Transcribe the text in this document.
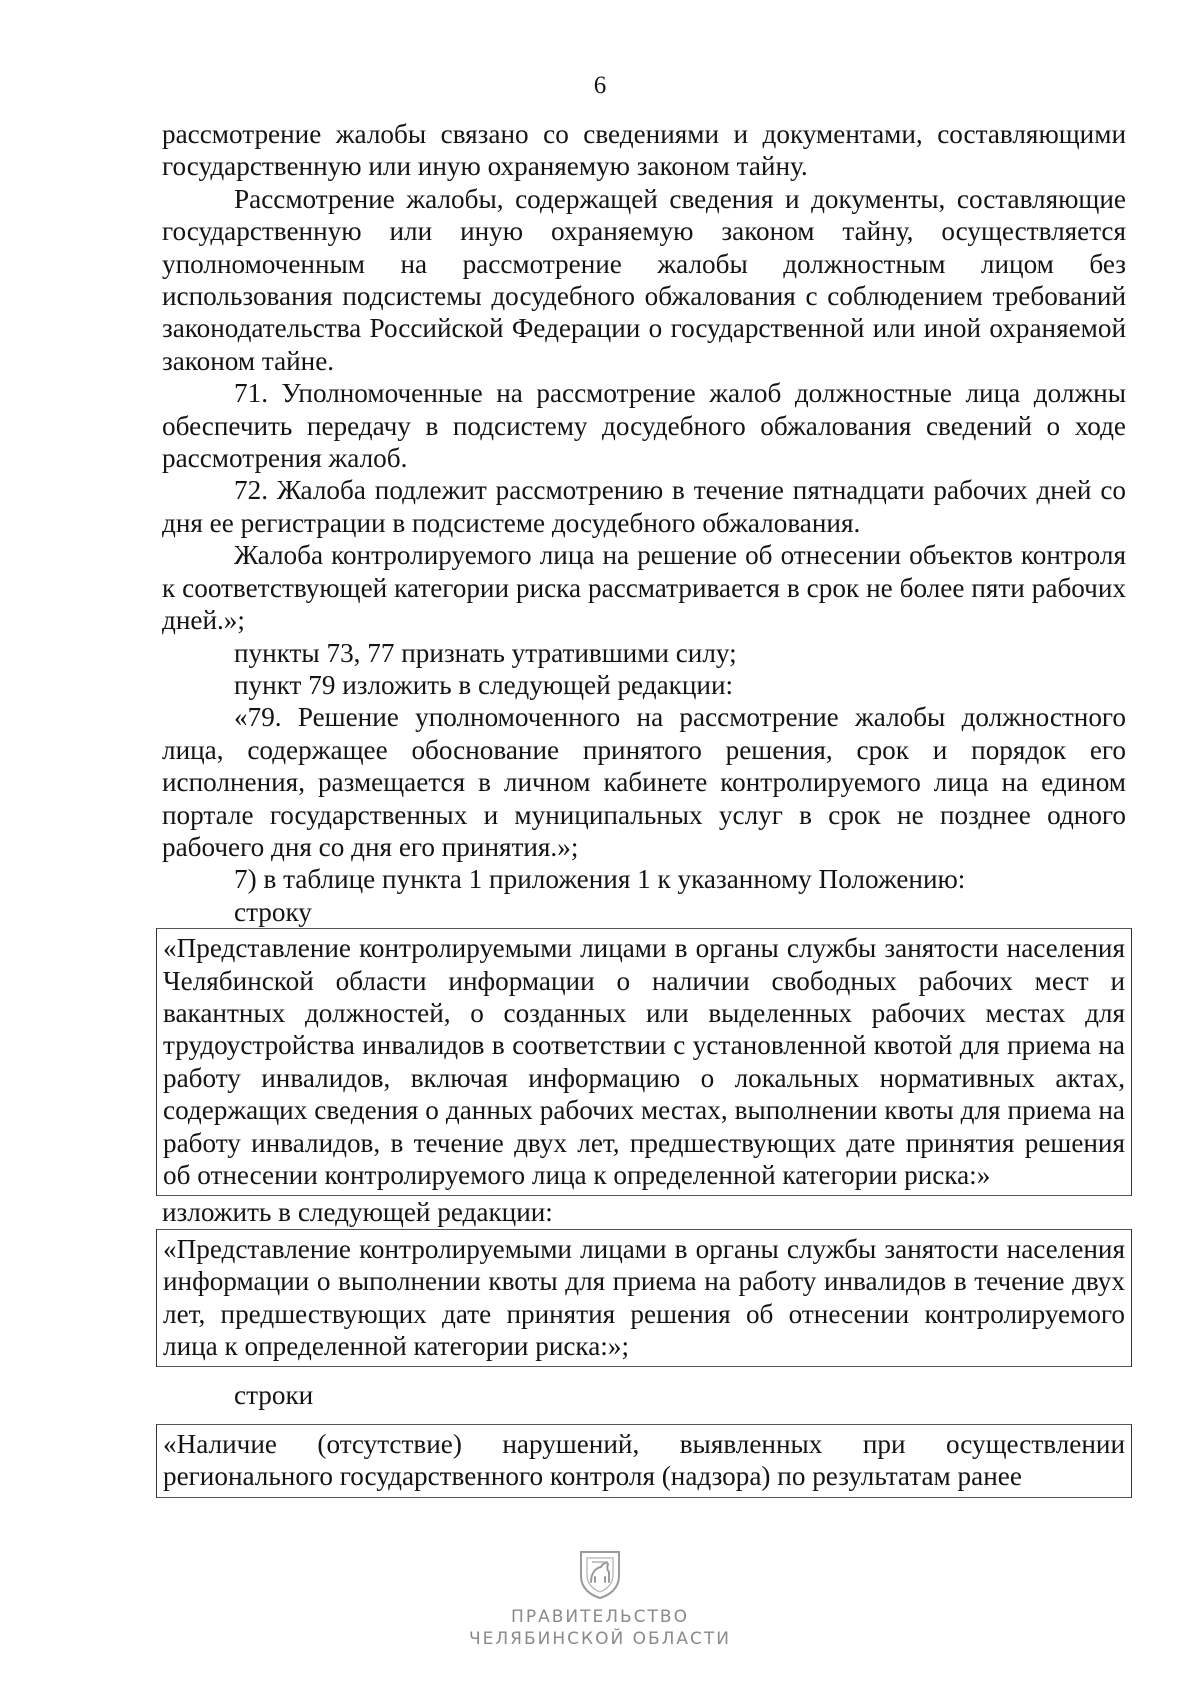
6

рассмотрение жалобы связано со сведениями и документами, составляющими государственную или иную охраняемую законом тайну.

Рассмотрение жалобы, содержащей сведения и документы, составляющие государственную или иную охраняемую законом тайну, осуществляется уполномоченным на рассмотрение жалобы должностным лицом без использования подсистемы досудебного обжалования с соблюдением требований законодательства Российской Федерации о государственной или иной охраняемой законом тайне.

71. Уполномоченные на рассмотрение жалоб должностные лица должны обеспечить передачу в подсистему досудебного обжалования сведений о ходе рассмотрения жалоб.

72. Жалоба подлежит рассмотрению в течение пятнадцати рабочих дней со дня ее регистрации в подсистеме досудебного обжалования.

Жалоба контролируемого лица на решение об отнесении объектов контроля к соответствующей категории риска рассматривается в срок не более пяти рабочих дней.»;

пункты 73, 77 признать утратившими силу;

пункт 79 изложить в следующей редакции:

«79. Решение уполномоченного на рассмотрение жалобы должностного лица, содержащее обоснование принятого решения, срок и порядок его исполнения, размещается в личном кабинете контролируемого лица на едином портале государственных и муниципальных услуг в срок не позднее одного рабочего дня со дня его принятия.»;

7) в таблице пункта 1 приложения 1 к указанному Положению:

строку

«Представление контролируемыми лицами в органы службы занятости населения Челябинской области информации о наличии свободных рабочих мест и вакантных должностей, о созданных или выделенных рабочих местах для трудоустройства инвалидов в соответствии с установленной квотой для приема на работу инвалидов, включая информацию о локальных нормативных актах, содержащих сведения о данных рабочих местах, выполнении квоты для приема на работу инвалидов, в течение двух лет, предшествующих дате принятия решения об отнесении контролируемого лица к определенной категории риска:»

изложить в следующей редакции:

«Представление контролируемыми лицами в органы службы занятости населения информации о выполнении квоты для приема на работу инвалидов в течение двух лет, предшествующих дате принятия решения об отнесении контролируемого лица к определенной категории риска:»;

строки

«Наличие (отсутствие) нарушений, выявленных при осуществлении регионального государственного контроля (надзора) по результатам ранее
ПРАВИТЕЛЬСТВО
ЧЕЛЯБИНСКОЙ ОБЛАСТИ
